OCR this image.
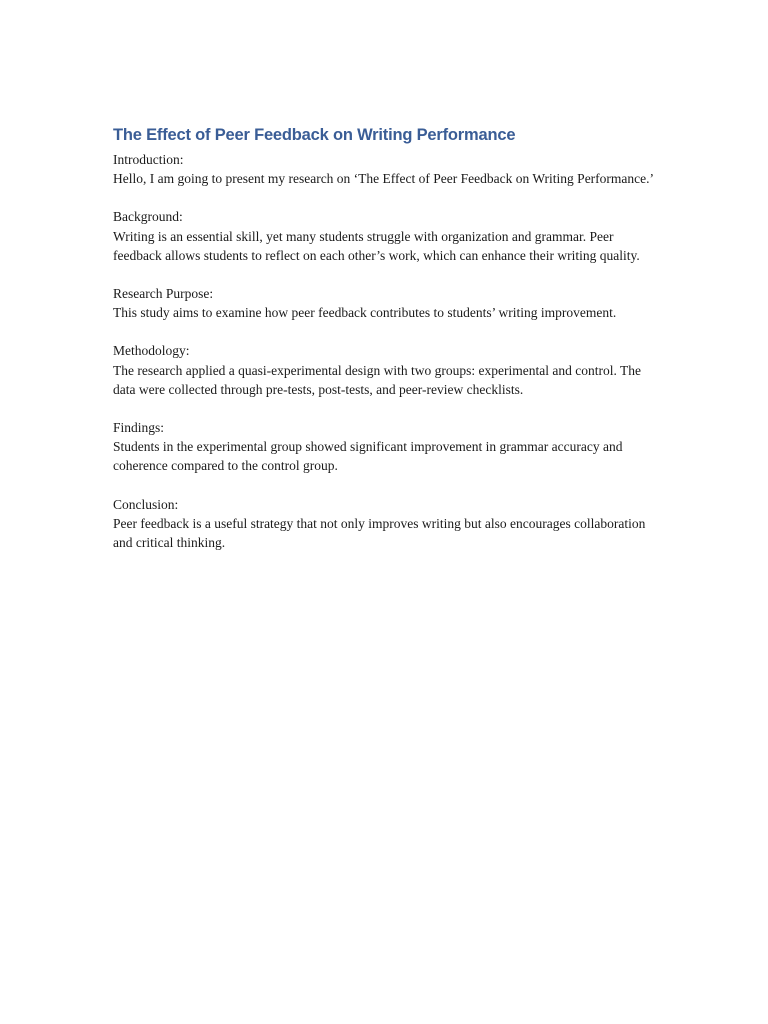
The Effect of Peer Feedback on Writing Performance

Introduction:

Hello, I am going to present my research on ‘The Effect of Peer Feedback on Writing Performance.’

Background:

Writing is an essential skill, yet many students struggle with organization and grammar. Peer feedback allows students to reflect on each other’s work, which can enhance their writing quality.

Research Purpose:

This study aims to examine how peer feedback contributes to students’ writing improvement.

Methodology:

The research applied a quasi-experimental design with two groups: experimental and control. The data were collected through pre-tests, post-tests, and peer-review checklists.

Findings:

Students in the experimental group showed significant improvement in grammar accuracy and coherence compared to the control group.

Conclusion:

Peer feedback is a useful strategy that not only improves writing but also encourages collaboration and critical thinking.
